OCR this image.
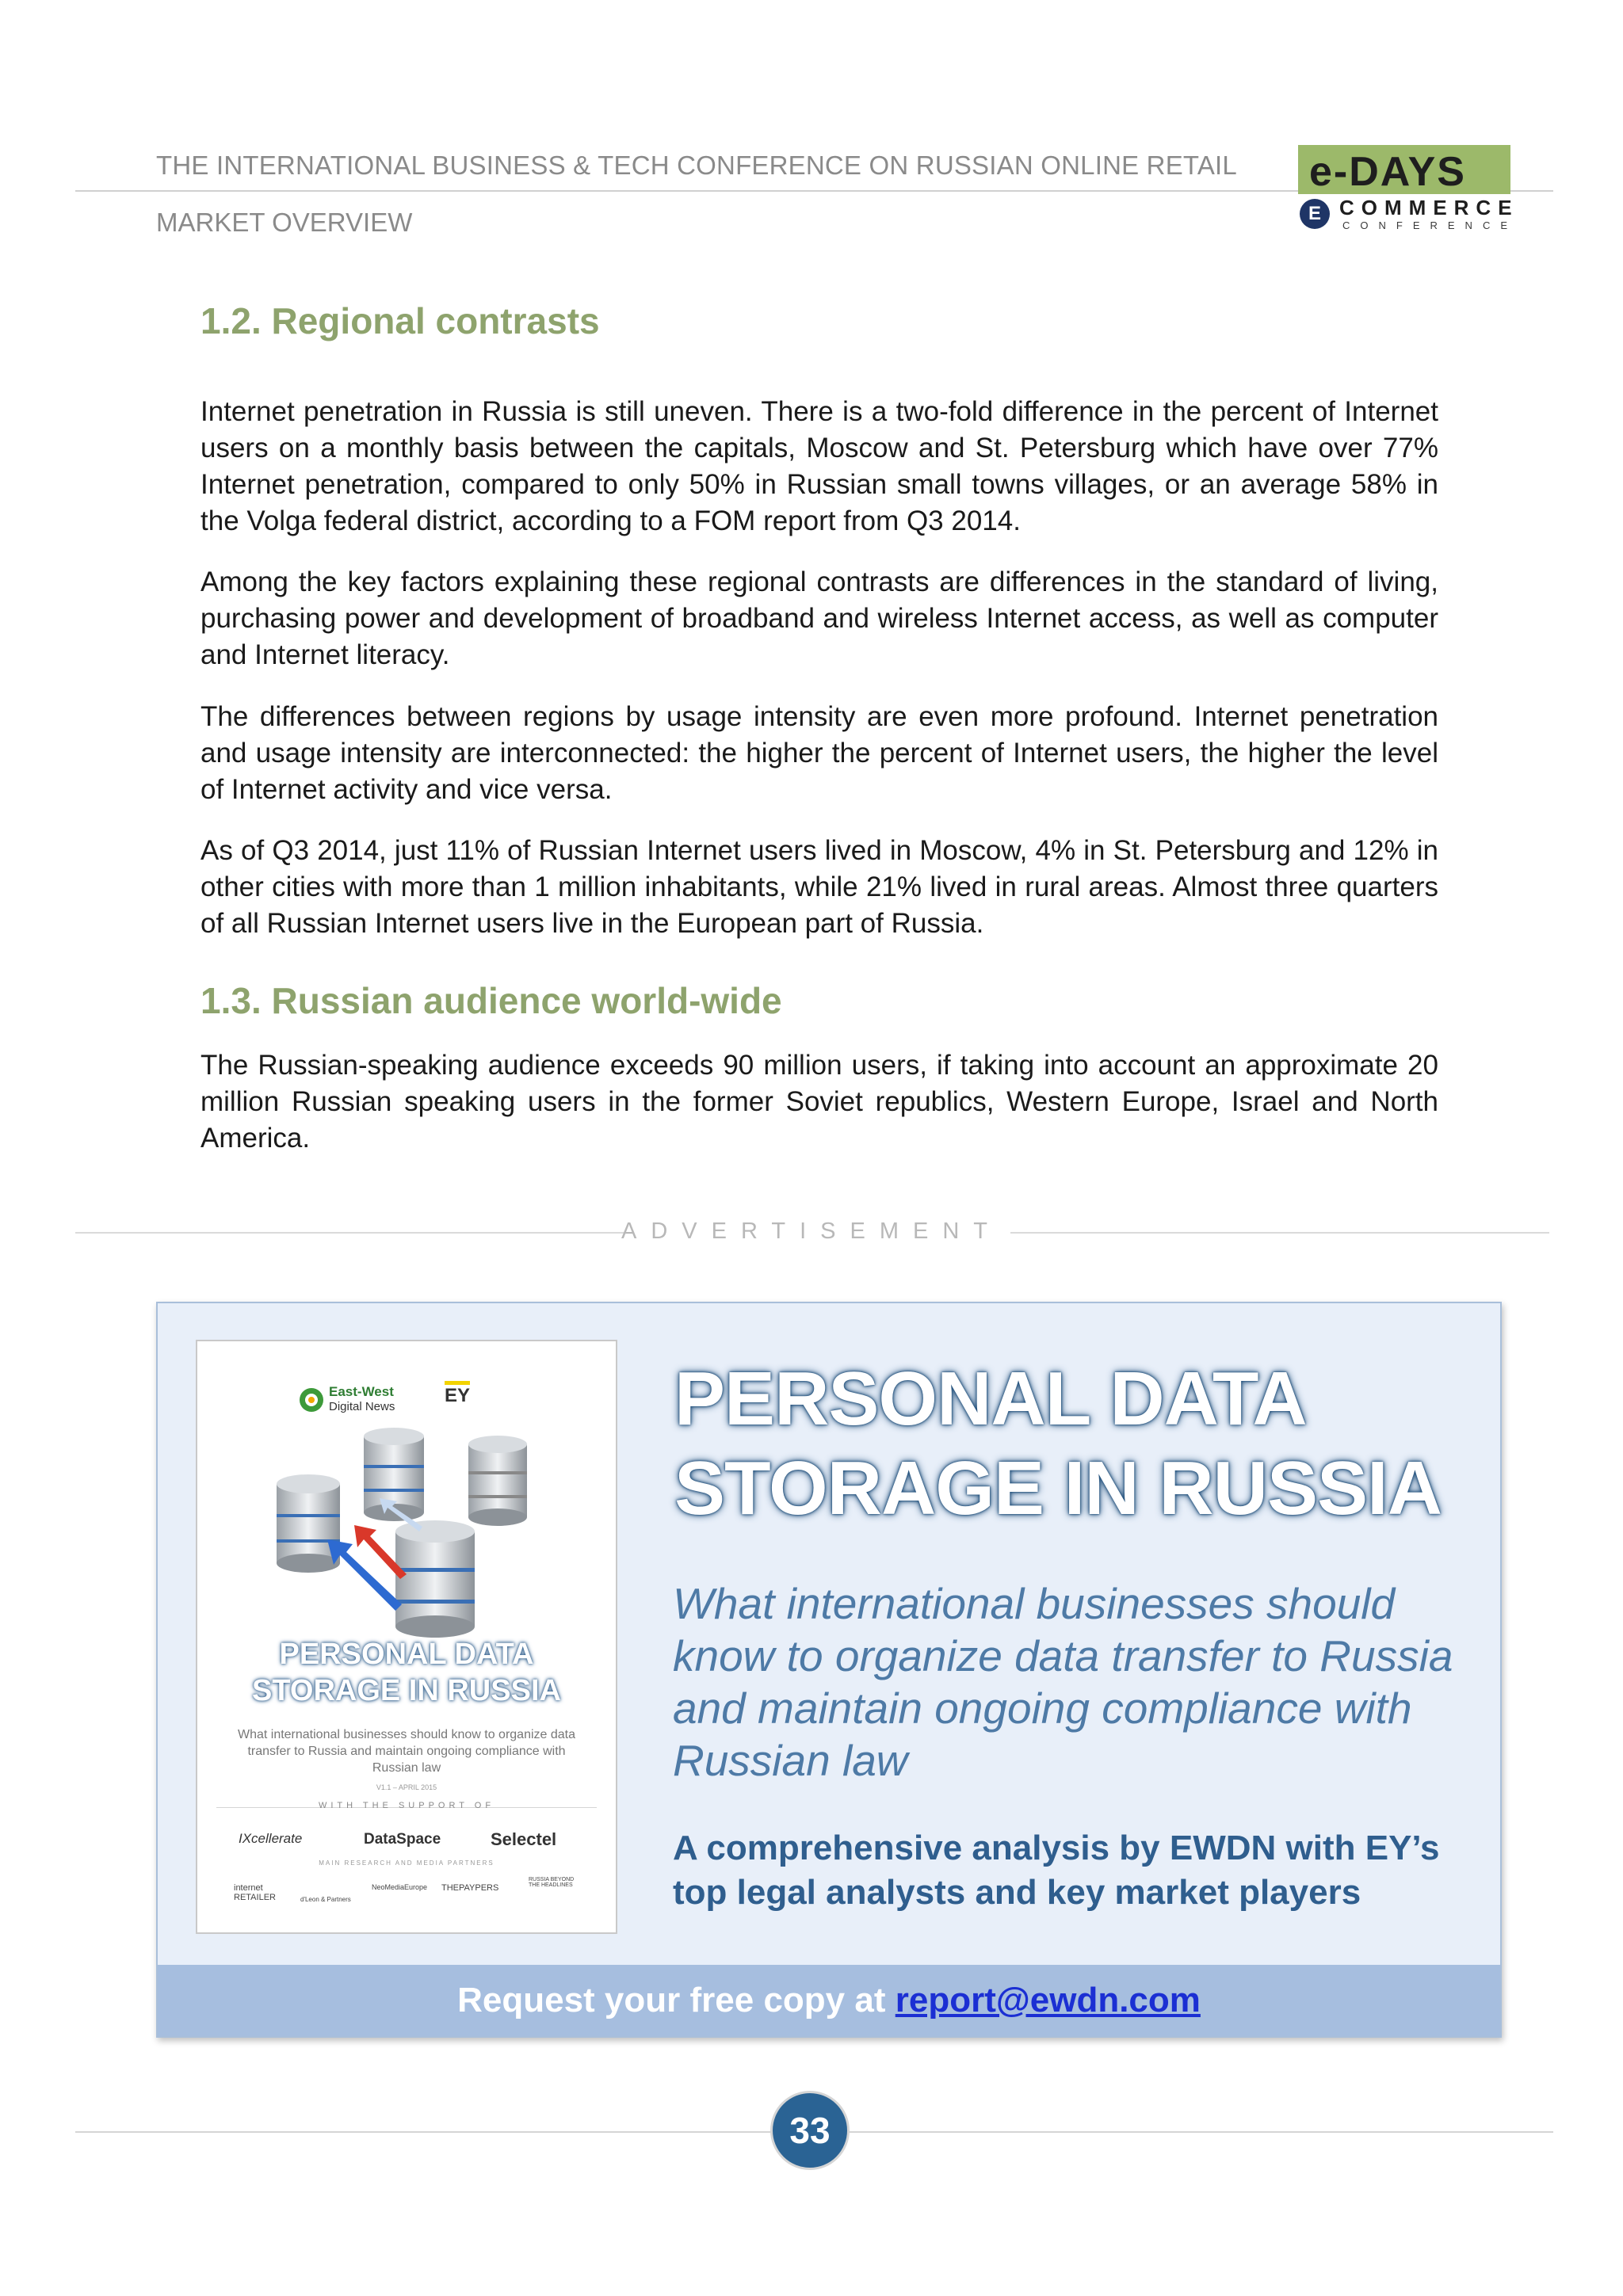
THE INTERNATIONAL BUSINESS & TECH CONFERENCE ON RUSSIAN ONLINE RETAIL
MARKET OVERVIEW
e-DAYS
E COMMERCE
CONFERENCE
1.2. Regional contrasts
Internet penetration in Russia is still uneven. There is a two-fold difference in the percent of Internet users on a monthly basis between the capitals, Moscow and St. Petersburg which have over 77% Internet penetration, compared to only 50% in Russian small towns villages, or an average 58% in the Volga federal district, according to a FOM report from Q3 2014.
Among the key factors explaining these regional contrasts are differences in the standard of living, purchasing power and development of broadband and wireless Internet access, as well as computer and Internet literacy.
The differences between regions by usage intensity are even more profound. Internet penetration and usage intensity are interconnected: the higher the percent of Internet users, the higher the level of Internet activity and vice versa.
As of Q3 2014, just 11% of Russian Internet users lived in Moscow, 4% in St. Petersburg and 12% in other cities with more than 1 million inhabitants, while 21% lived in rural areas. Almost three quarters of all Russian Internet users live in the European part of Russia.
1.3. Russian audience world-wide
The Russian-speaking audience exceeds 90 million users, if taking into account an approximate 20 million Russian speaking users in the former Soviet republics, Western Europe, Israel and North America.
ADVERTISEMENT
East-West
Digital News
EY
PERSONAL DATA
STORAGE IN RUSSIA
What international businesses should know to organize data transfer to Russia and maintain ongoing compliance with Russian law
V1.1 – APRIL 2015
WITH THE SUPPORT OF
IXcellerate	DataSpace	Selectel
MAIN RESEARCH AND MEDIA PARTNERS
internet RETAILER	d'Leon & Partners
NeoMediaEurope THEPAYPERS
RUSSIA BEYOND THE HEADLINES
PERSONAL DATA
STORAGE IN RUSSIA
What international businesses should know to organize data transfer to Russia and maintain ongoing compliance with Russian law
A comprehensive analysis by EWDN with EY’s top legal analysts and key market players
Request your free copy at report@ewdn.com
33
